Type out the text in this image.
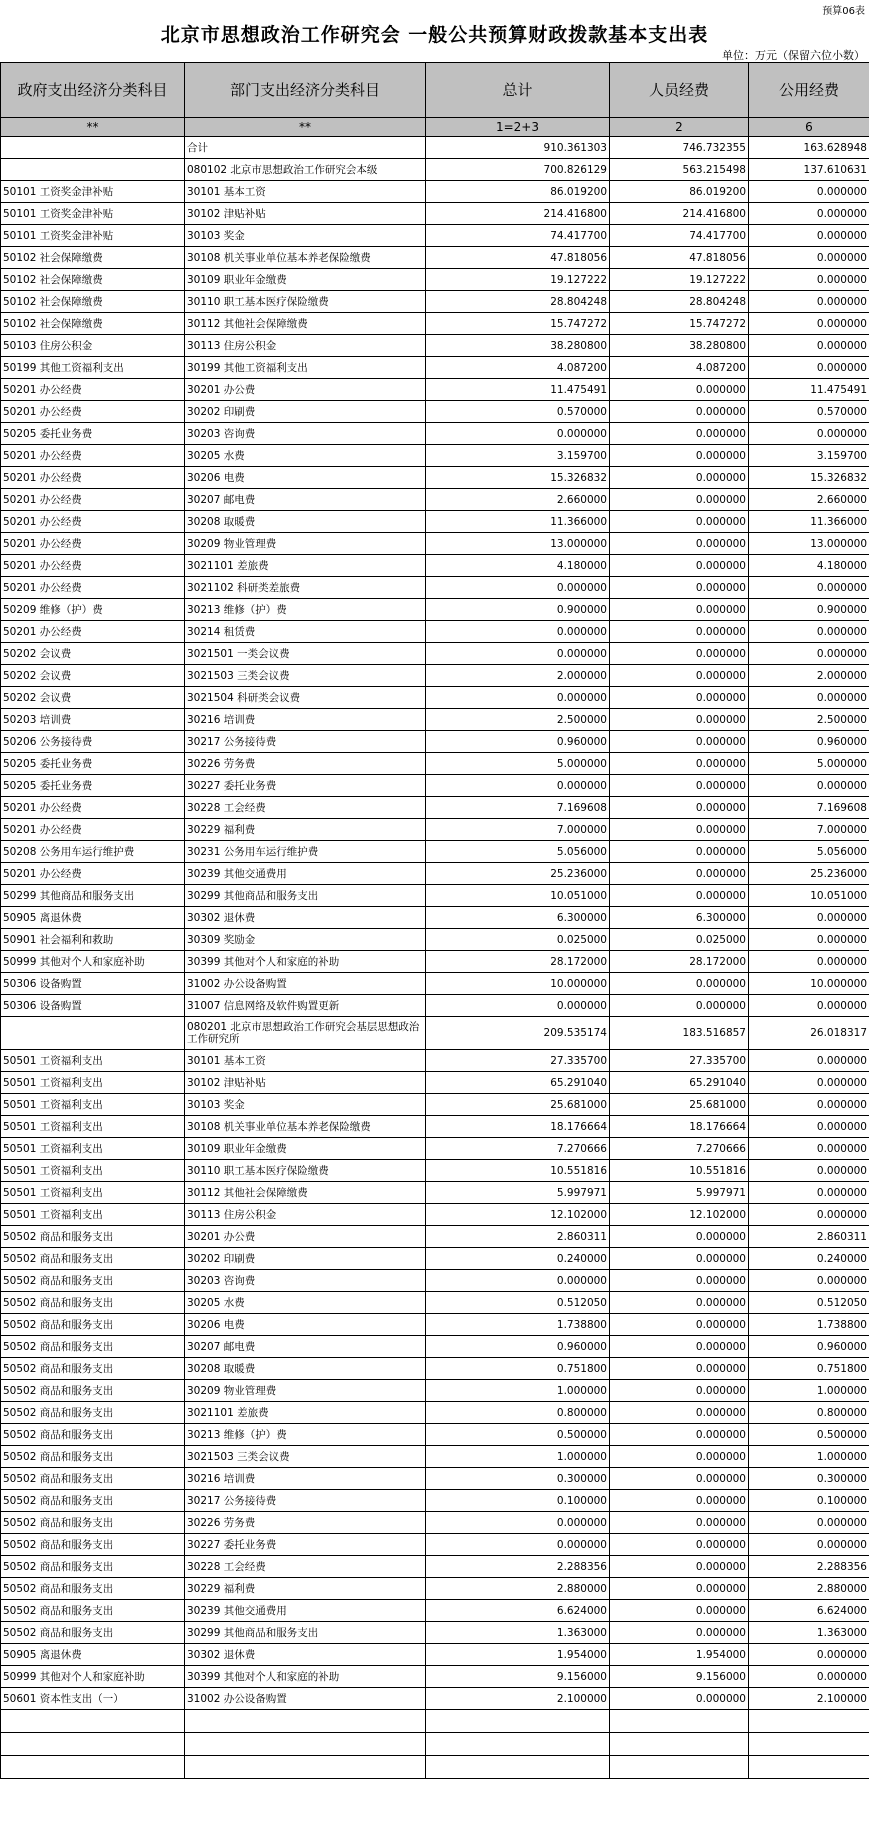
预算06表
北京市思想政治工作研究会 一般公共预算财政拨款基本支出表
单位：万元（保留六位小数）
政府支出经济分类科目	部门支出经济分类科目	总计	人员经费	公用经费
**	**	1=2+3	2	6
	合计	910.361303	746.732355	163.628948
	080102 北京市思想政治工作研究会本级	700.826129	563.215498	137.610631
50101 工资奖金津补贴	30101 基本工资	86.019200	86.019200	0.000000
50101 工资奖金津补贴	30102 津贴补贴	214.416800	214.416800	0.000000
50101 工资奖金津补贴	30103 奖金	74.417700	74.417700	0.000000
50102 社会保障缴费	30108 机关事业单位基本养老保险缴费	47.818056	47.818056	0.000000
50102 社会保障缴费	30109 职业年金缴费	19.127222	19.127222	0.000000
50102 社会保障缴费	30110 职工基本医疗保险缴费	28.804248	28.804248	0.000000
50102 社会保障缴费	30112 其他社会保障缴费	15.747272	15.747272	0.000000
50103 住房公积金	30113 住房公积金	38.280800	38.280800	0.000000
50199 其他工资福利支出	30199 其他工资福利支出	4.087200	4.087200	0.000000
50201 办公经费	30201 办公费	11.475491	0.000000	11.475491
50201 办公经费	30202 印刷费	0.570000	0.000000	0.570000
50205 委托业务费	30203 咨询费	0.000000	0.000000	0.000000
50201 办公经费	30205 水费	3.159700	0.000000	3.159700
50201 办公经费	30206 电费	15.326832	0.000000	15.326832
50201 办公经费	30207 邮电费	2.660000	0.000000	2.660000
50201 办公经费	30208 取暖费	11.366000	0.000000	11.366000
50201 办公经费	30209 物业管理费	13.000000	0.000000	13.000000
50201 办公经费	3021101 差旅费	4.180000	0.000000	4.180000
50201 办公经费	3021102 科研类差旅费	0.000000	0.000000	0.000000
50209 维修（护）费	30213 维修（护）费	0.900000	0.000000	0.900000
50201 办公经费	30214 租赁费	0.000000	0.000000	0.000000
50202 会议费	3021501 一类会议费	0.000000	0.000000	0.000000
50202 会议费	3021503 三类会议费	2.000000	0.000000	2.000000
50202 会议费	3021504 科研类会议费	0.000000	0.000000	0.000000
50203 培训费	30216 培训费	2.500000	0.000000	2.500000
50206 公务接待费	30217 公务接待费	0.960000	0.000000	0.960000
50205 委托业务费	30226 劳务费	5.000000	0.000000	5.000000
50205 委托业务费	30227 委托业务费	0.000000	0.000000	0.000000
50201 办公经费	30228 工会经费	7.169608	0.000000	7.169608
50201 办公经费	30229 福利费	7.000000	0.000000	7.000000
50208 公务用车运行维护费	30231 公务用车运行维护费	5.056000	0.000000	5.056000
50201 办公经费	30239 其他交通费用	25.236000	0.000000	25.236000
50299 其他商品和服务支出	30299 其他商品和服务支出	10.051000	0.000000	10.051000
50905 离退休费	30302 退休费	6.300000	6.300000	0.000000
50901 社会福利和救助	30309 奖励金	0.025000	0.025000	0.000000
50999 其他对个人和家庭补助	30399 其他对个人和家庭的补助	28.172000	28.172000	0.000000
50306 设备购置	31002 办公设备购置	10.000000	0.000000	10.000000
50306 设备购置	31007 信息网络及软件购置更新	0.000000	0.000000	0.000000
	080201 北京市思想政治工作研究会基层思想政治工作研究所	209.535174	183.516857	26.018317
50501 工资福利支出	30101 基本工资	27.335700	27.335700	0.000000
50501 工资福利支出	30102 津贴补贴	65.291040	65.291040	0.000000
50501 工资福利支出	30103 奖金	25.681000	25.681000	0.000000
50501 工资福利支出	30108 机关事业单位基本养老保险缴费	18.176664	18.176664	0.000000
50501 工资福利支出	30109 职业年金缴费	7.270666	7.270666	0.000000
50501 工资福利支出	30110 职工基本医疗保险缴费	10.551816	10.551816	0.000000
50501 工资福利支出	30112 其他社会保障缴费	5.997971	5.997971	0.000000
50501 工资福利支出	30113 住房公积金	12.102000	12.102000	0.000000
50502 商品和服务支出	30201 办公费	2.860311	0.000000	2.860311
50502 商品和服务支出	30202 印刷费	0.240000	0.000000	0.240000
50502 商品和服务支出	30203 咨询费	0.000000	0.000000	0.000000
50502 商品和服务支出	30205 水费	0.512050	0.000000	0.512050
50502 商品和服务支出	30206 电费	1.738800	0.000000	1.738800
50502 商品和服务支出	30207 邮电费	0.960000	0.000000	0.960000
50502 商品和服务支出	30208 取暖费	0.751800	0.000000	0.751800
50502 商品和服务支出	30209 物业管理费	1.000000	0.000000	1.000000
50502 商品和服务支出	3021101 差旅费	0.800000	0.000000	0.800000
50502 商品和服务支出	30213 维修（护）费	0.500000	0.000000	0.500000
50502 商品和服务支出	3021503 三类会议费	1.000000	0.000000	1.000000
50502 商品和服务支出	30216 培训费	0.300000	0.000000	0.300000
50502 商品和服务支出	30217 公务接待费	0.100000	0.000000	0.100000
50502 商品和服务支出	30226 劳务费	0.000000	0.000000	0.000000
50502 商品和服务支出	30227 委托业务费	0.000000	0.000000	0.000000
50502 商品和服务支出	30228 工会经费	2.288356	0.000000	2.288356
50502 商品和服务支出	30229 福利费	2.880000	0.000000	2.880000
50502 商品和服务支出	30239 其他交通费用	6.624000	0.000000	6.624000
50502 商品和服务支出	30299 其他商品和服务支出	1.363000	0.000000	1.363000
50905 离退休费	30302 退休费	1.954000	1.954000	0.000000
50999 其他对个人和家庭补助	30399 其他对个人和家庭的补助	9.156000	9.156000	0.000000
50601 资本性支出（一）	31002 办公设备购置	2.100000	0.000000	2.100000
